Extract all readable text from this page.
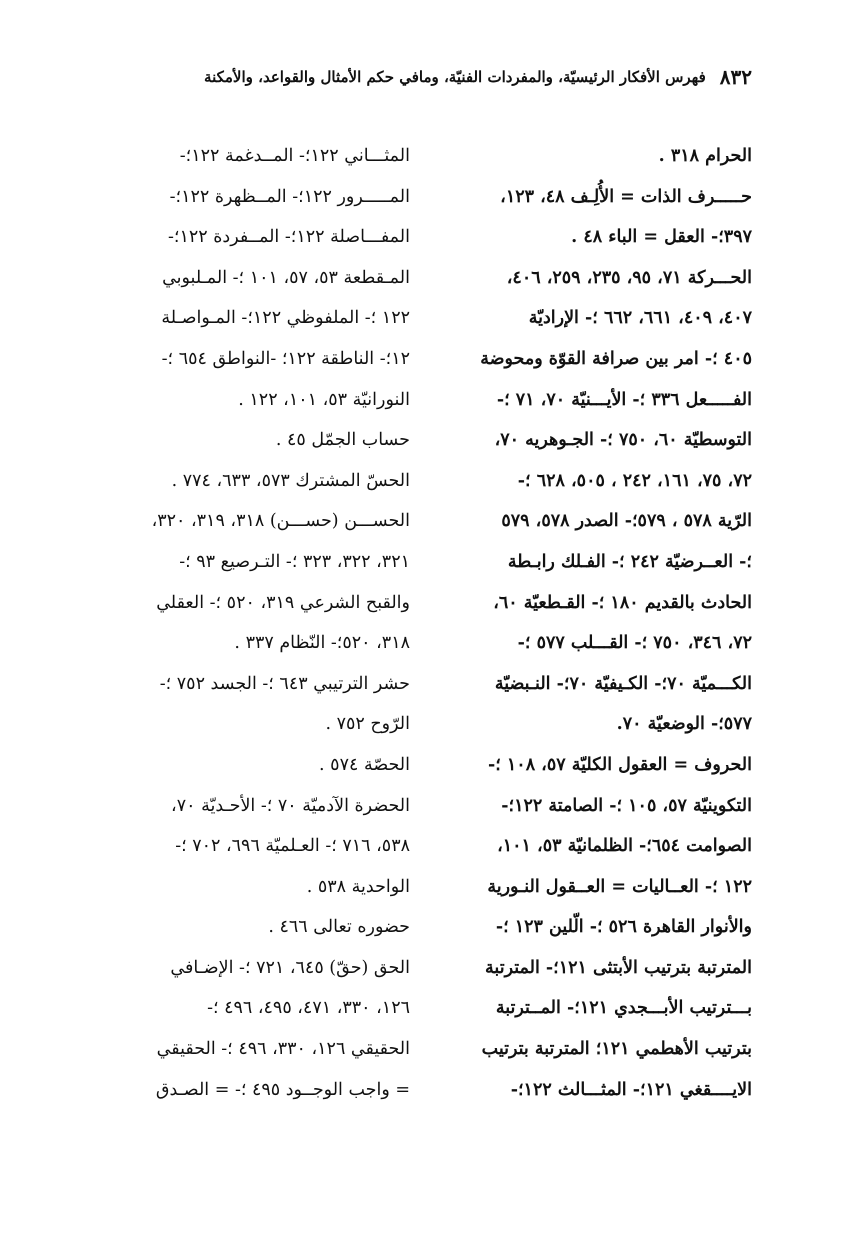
٨٣٢
فهرس الأفكار الرئيسيّة، والمفردات الفنيّة، ومافي حكم الأمثال والقواعد، والأمكنة
الحرام ٣١٨ .
حـــــرف الذات = الأُلِـف ٤٨، ١٢٣،
٣٩٧؛- العقل = الباء ٤٨ .
الحـــركة ٧١، ٩٥، ٢٣٥، ٢٥٩، ٤٠٦،
٤٠٧، ٤٠٩، ٦٦١، ٦٦٢ ؛- الإراديّة
٤٠٥ ؛- امر بين صرافة القوّة ومحوضة
الفـــــعل ٣٣٦ ؛- الأيـــنيّة ٧٠، ٧١ ؛-
التوسطيّة ٦٠، ٧٥٠ ؛- الجـوهريه ٧٠،
٧٢، ٧٥، ١٦١، ٢٤٢ ، ٥٠٥، ٦٢٨ ؛-
الرّية ٥٧٨ ، ٥٧٩؛- الصدر ٥٧٨، ٥٧٩
؛- العــرضيّة ٢٤٢ ؛- الفـلك رابـطة
الحادث بالقديم ١٨٠ ؛- القـطعيّة ٦٠،
٧٢، ٣٤٦، ٧٥٠ ؛- القـــلب ٥٧٧ ؛-
الكـــميّة ٧٠؛- الكـيفيّة ٧٠؛- النـبضيّة
٥٧٧؛- الوضعيّة ٧٠.
الحروف = العقول الكليّة ٥٧، ١٠٨ ؛-
التكوينيّة ٥٧، ١٠٥ ؛- الصامتة ١٢٢؛-
الصوامت ٦٥٤؛- الظلمانيّة ٥٣، ١٠١،
١٢٢ ؛- العــاليات = العــقول النـورية
والأنوار القاهرة ٥٢٦ ؛- الّلين ١٢٣ ؛-
المترتبة بترتيب الأبتثى ١٢١؛- المترتبة
بـــترتيب الأبـــجدي ١٢١؛- المــترتبة
بترتيب الأهطمي ١٢١؛ المترتبة بترتيب
الايــــقغي ١٢١؛- المثـــالث ١٢٢؛-
المثـــاني ١٢٢؛- المــدغمة ١٢٢؛-
المـــــرور ١٢٢؛- المــظهرة ١٢٢؛-
المفـــاصلة ١٢٢؛- المــفردة ١٢٢؛-
المـقطعة ٥٣، ٥٧، ١٠١ ؛- المـلبوبي
١٢٢ ؛- الملفوظي ١٢٢؛- المـواصـلة
١٢؛- الناطقة ١٢٢؛ -النواطق ٦٥٤ ؛-
النورانيّة ٥٣، ١٠١، ١٢٢ .
حساب الجمّل ٤٥ .
الحسّ المشترك ٥٧٣، ٦٣٣، ٧٧٤ .
الحســـن (حســـن) ٣١٨، ٣١٩، ٣٢٠،
٣٢١، ٣٢٢، ٣٢٣ ؛- التـرصيع ٩٣ ؛-
والقبح الشرعي ٣١٩، ٥٢٠ ؛- العقلي
٣١٨، ٥٢٠؛- النّظام ٣٣٧ .
حشر الترتيبي ٦٤٣ ؛- الجسد ٧٥٢ ؛-
الرّوح ٧٥٢ .
الحصّة ٥٧٤ .
الحضرة الآدميّة ٧٠ ؛- الأحـديّة ٧٠،
٥٣٨، ٧١٦ ؛- العـلميّة ٦٩٦، ٧٠٢ ؛-
الواحدية ٥٣٨ .
حضوره تعالى ٤٦٦ .
الحق (حقّ) ٦٤٥، ٧٢١ ؛- الإضـافي
١٢٦، ٣٣٠، ٤٧١، ٤٩٥، ٤٩٦ ؛-
الحقيقي ١٢٦، ٣٣٠، ٤٩٦ ؛- الحقيقي
= واجب الوجــود ٤٩٥ ؛- = الصـدق
